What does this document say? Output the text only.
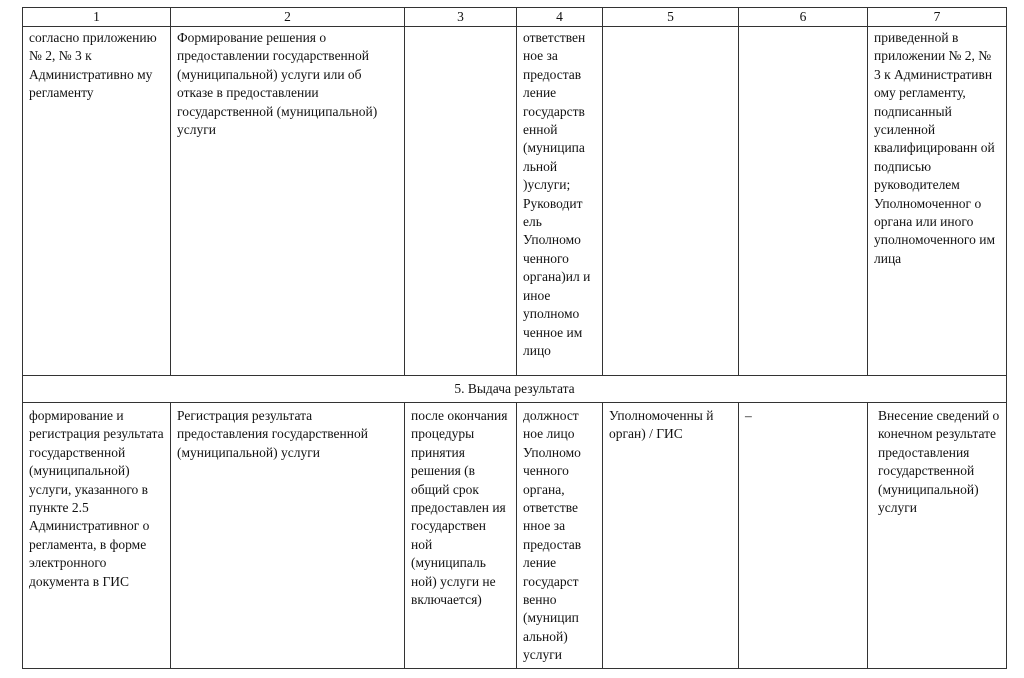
1	2	3	4	5	6	7
согласно приложению № 2, № 3 к Административно му регламенту	Формирование решения о предоставлении государственной (муниципальной) услуги или об отказе в предоставлении государственной (муниципальной) услуги		ответствен ное за предостав ление государств енной (муниципа льной )услуги; Руководит ель Уполномо ченного органа)ил и иное уполномо ченное им лицо			приведенной в приложении № 2, № 3 к Административн ому регламенту, подписанный усиленной квалифицированн ой подписью руководителем Уполномоченног о органа или иного уполномоченного им лица
5. Выдача результата						
формирование и регистрация результата государственной (муниципальной) услуги, указанного в пункте 2.5 Административног о регламента, в форме электронного документа в ГИС	Регистрация результата предоставления государственной (муниципальной) услуги	после окончания процедуры принятия решения (в общий срок предоставлен ия государствен ной (муниципаль ной) услуги не включается)	должност ное лицо Уполномо ченного органа, ответстве нное за предостав ление государст венно (муницип альной) услуги	Уполномоченны й орган) / ГИС	–	Внесение сведений о конечном результате предоставления государственной (муниципальной) услуги
